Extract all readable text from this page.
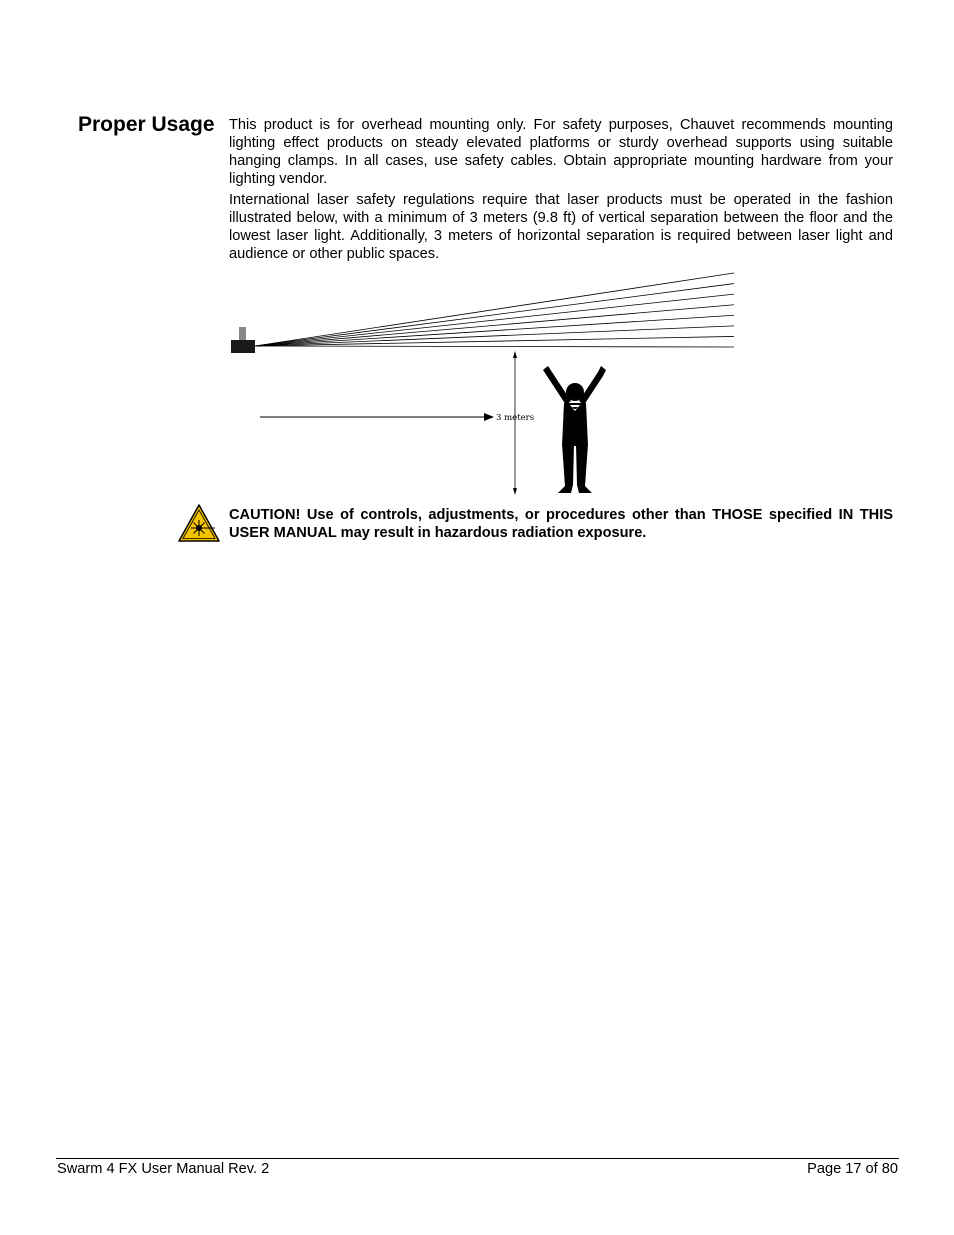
Proper Usage This product is for overhead mounting only. For safety purposes, Chauvet recommends mounting lighting effect products on steady elevated platforms or sturdy overhead supports using suitable hanging clamps. In all cases, use safety cables. Obtain appropriate mounting hardware from your lighting vendor.

International laser safety regulations require that laser products must be operated in the fashion illustrated below, with a minimum of 3 meters (9.8 ft) of vertical separation between the floor and the lowest laser light. Additionally, 3 meters of horizontal separation is required between laser light and audience or other public spaces.

3 meters

CAUTION! Use of controls, adjustments, or procedures other than THOSE specified IN THIS USER MANUAL may result in hazardous radiation exposure.

Swarm 4 FX User Manual Rev. 2	Page 17 of 80
